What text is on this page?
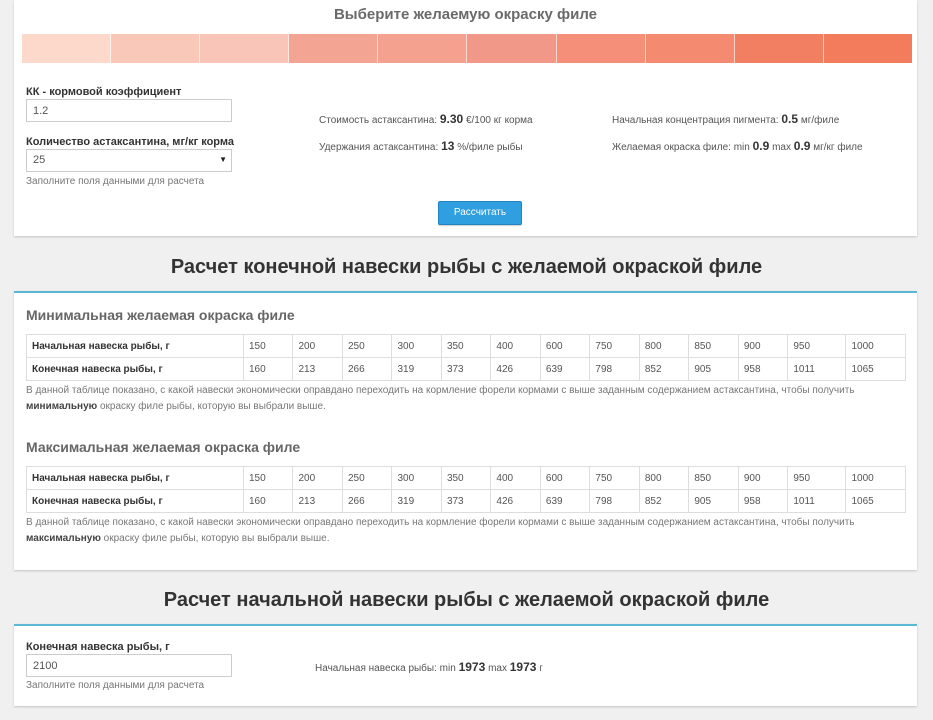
Выберите желаемую окраску филе
КК - кормовой коэффициент
1.2
Количество астаксантина, мг/кг корма
25	▼
Заполните поля данными для расчета
Стоимость астаксантина: 9.30 €/100 кг корма
Удержания астаксантина: 13 %/филе рыбы
Начальная концентрация пигмента: 0.5 мг/филе
Желаемая окраска филе: min 0.9 max 0.9 мг/кг филе
Рассчитать
Расчет конечной навески рыбы с желаемой окраской филе
Минимальная желаемая окраска филе
Начальная навеска рыбы, г	150	200	250	300	350	400	600	750	800	850	900	950	1000
Конечная навеска рыбы, г	160	213	266	319	373	426	639	798	852	905	958	1011	1065
В данной таблице показано, с какой навески экономически оправдано переходить на кормление форели кормами с выше заданным содержанием астаксантина, чтобы получить минимальную окраску филе рыбы, которую вы выбрали выше.
Максимальная желаемая окраска филе
Начальная навеска рыбы, г	150	200	250	300	350	400	600	750	800	850	900	950	1000
Конечная навеска рыбы, г	160	213	266	319	373	426	639	798	852	905	958	1011	1065
В данной таблице показано, с какой навески экономически оправдано переходить на кормление форели кормами с выше заданным содержанием астаксантина, чтобы получить максимальную окраску филе рыбы, которую вы выбрали выше.
Расчет начальной навески рыбы с желаемой окраской филе
Конечная навеска рыбы, г
2100
Заполните поля данными для расчета
Начальная навеска рыбы: min 1973 max 1973 г
